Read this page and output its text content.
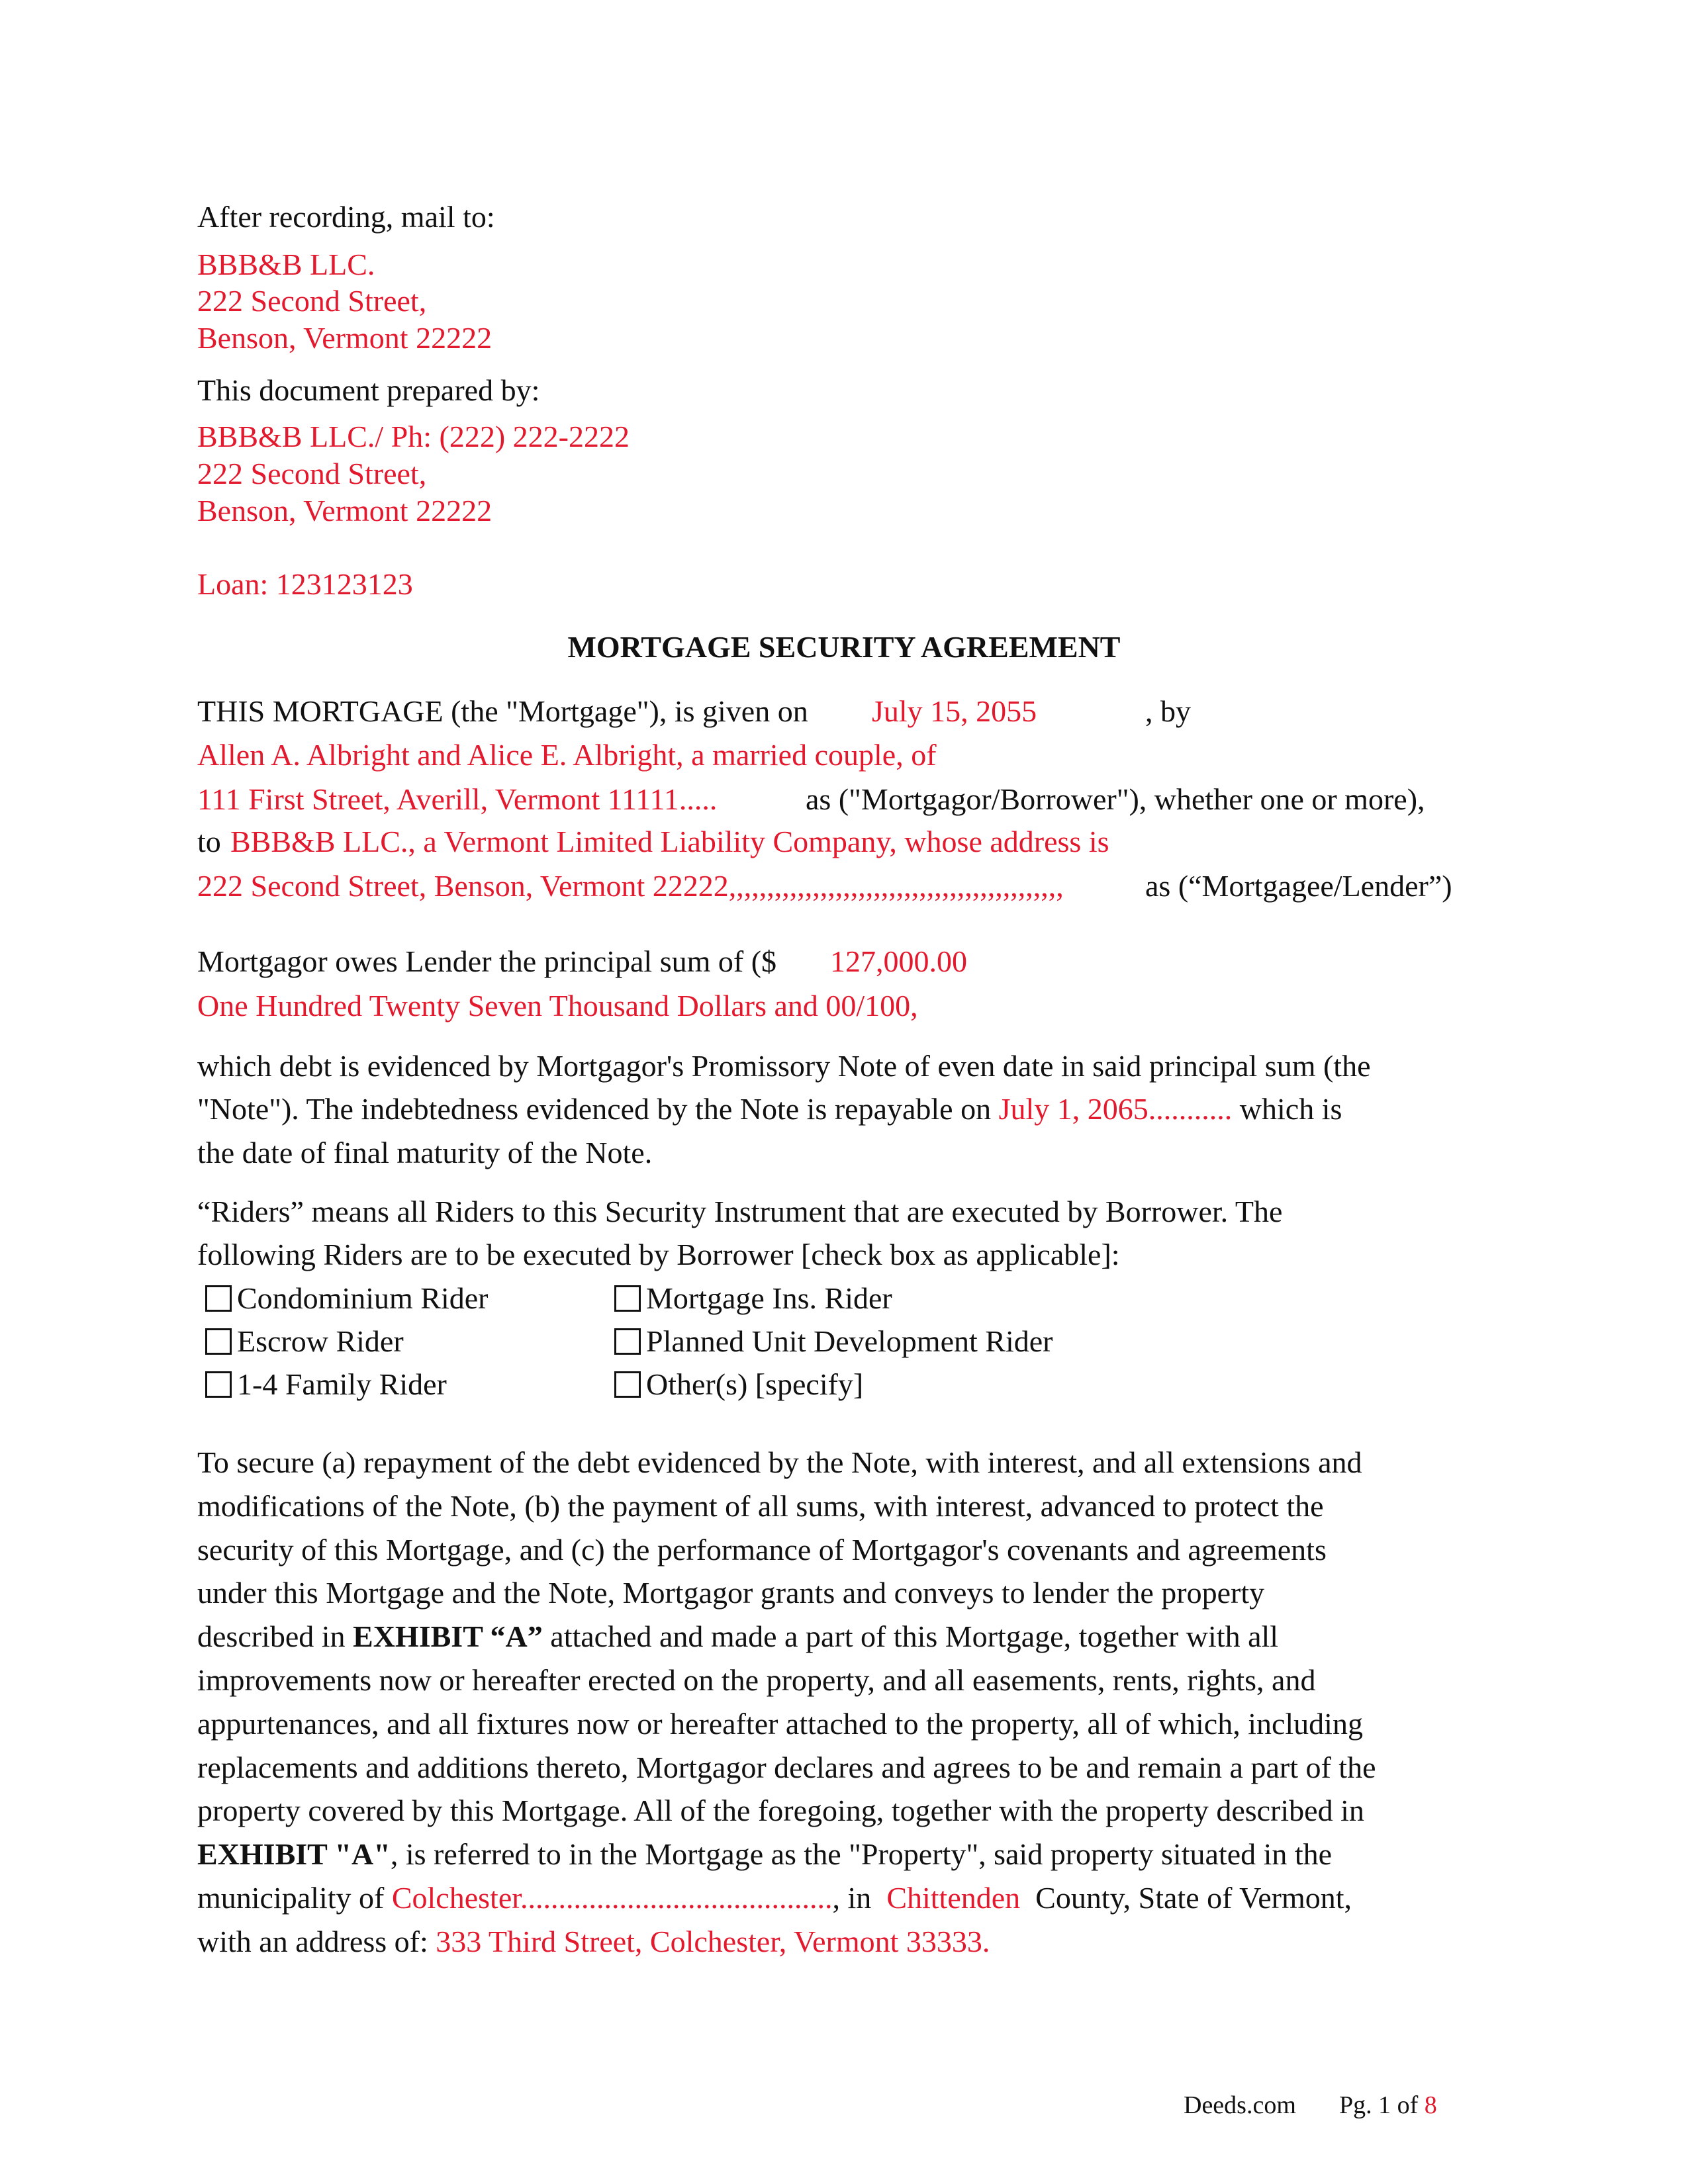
After recording, mail to:
BBB&B LLC.
222 Second Street,
Benson, Vermont 22222
This document prepared by:
BBB&B LLC./ Ph: (222) 222-2222
222 Second Street,
Benson, Vermont 22222
Loan: 123123123
MORTGAGE SECURITY AGREEMENT
THIS MORTGAGE (the "Mortgage"), is given on July 15, 2055	, by
Allen A. Albright and Alice E. Albright, a married couple, of
111 First Street, Averill, Vermont 11111.....	as ("Mortgagor/Borrower"), whether one or more),
to BBB&B LLC., a Vermont Limited Liability Company, whose address is
222 Second Street, Benson, Vermont 22222,,,,,,,,,,,,,,,,,,,,,,,,,,,,,,,,,,,,,,,,,,,,	as (“Mortgagee/Lender”)
Mortgagor owes Lender the principal sum of ($ 127,000.00
One Hundred Twenty Seven Thousand Dollars and 00/100,
which debt is evidenced by Mortgagor's Promissory Note of even date in said principal sum (the
"Note"). The indebtedness evidenced by the Note is repayable on July 1, 2065........... which is
the date of final maturity of the Note.
“Riders” means all Riders to this Security Instrument that are executed by Borrower. The
following Riders are to be executed by Borrower [check box as applicable]:
Condominium Rider
Escrow Rider
1-4 Family Rider
Mortgage Ins. Rider
Planned Unit Development Rider
Other(s) [specify]

To secure (a) repayment of the debt evidenced by the Note, with interest, and all extensions and

modifications of the Note, (b) the payment of all sums, with interest, advanced to protect the

security of this Mortgage, and (c) the performance of Mortgagor's covenants and agreements

under this Mortgage and the Note, Mortgagor grants and conveys to lender the property

described in EXHIBIT “A” attached and made a part of this Mortgage, together with all

improvements now or hereafter erected on the property, and all easements, rents, rights, and

appurtenances, and all fixtures now or hereafter attached to the property, all of which, including

replacements and additions thereto, Mortgagor declares and agrees to be and remain a part of the

property covered by this Mortgage. All of the foregoing, together with the property described in

EXHIBIT "A", is referred to in the Mortgage as the "Property", said property situated in the

municipality of Colchester........................................., in Chittenden County, State of Vermont,

with an address of: 333 Third Street, Colchester, Vermont 33333.

Deeds.com Pg. 1 of 8
